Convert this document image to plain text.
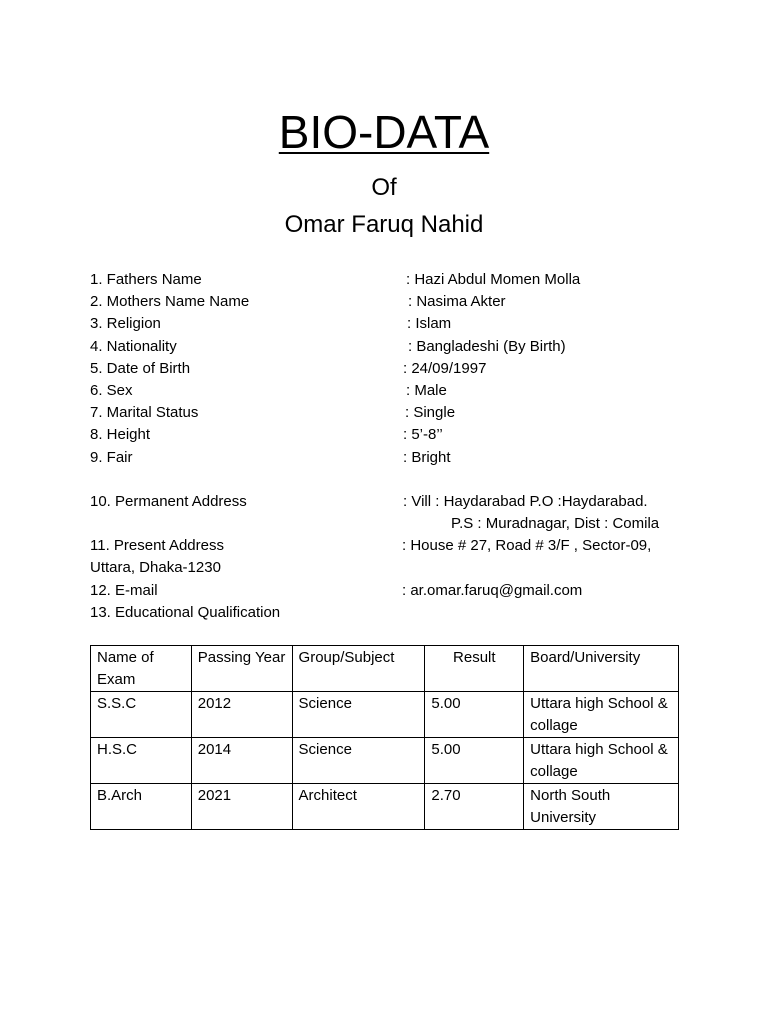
BIO-DATA
Of
Omar Faruq Nahid
1. Fathers Name	: Hazi Abdul Momen Molla
2. Mothers Name Name	: Nasima Akter
3. Religion	: Islam
4. Nationality	: Bangladeshi (By Birth)
5. Date of Birth	: 24/09/1997
6. Sex	: Male
7. Marital Status	: Single
8. Height	: 5’-8’’
9. Fair	: Bright
10. Permanent Address	: Vill : Haydarabad P.O :Haydarabad.
P.S : Muradnagar, Dist : Comila
11. Present Address	: House # 27, Road # 3/F , Sector-09,
Uttara, Dhaka-1230
12. E-mail	: ar.omar.faruq@gmail.com
13. Educational Qualification
Name of Exam	Passing Year	Group/Subject	Result	Board/University
S.S.C	2012	Science	5.00	Uttara high School & collage
H.S.C	2014	Science	5.00	Uttara high School & collage
B.Arch	2021	Architect	2.70	North South University
